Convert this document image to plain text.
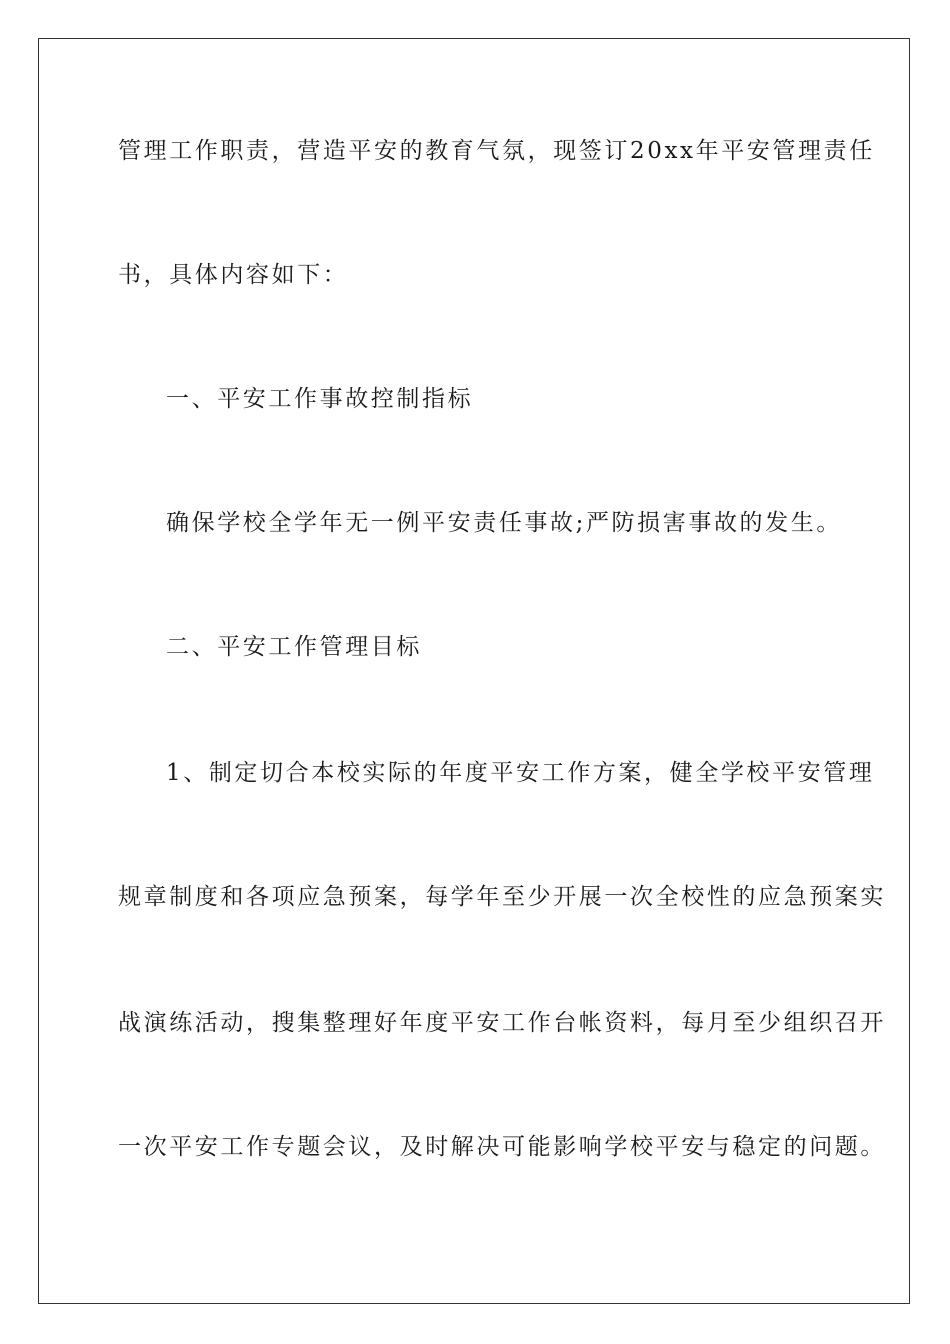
管理工作职责，营造平安的教育气氛，现签订20xx年平安管理责任
书，具体内容如下：
一、平安工作事故控制指标
确保学校全学年无一例平安责任事故;严防损害事故的发生。
二、平安工作管理目标
1、制定切合本校实际的年度平安工作方案，健全学校平安管理
规章制度和各项应急预案，每学年至少开展一次全校性的应急预案实
战演练活动，搜集整理好年度平安工作台帐资料，每月至少组织召开
一次平安工作专题会议，及时解决可能影响学校平安与稳定的问题。
